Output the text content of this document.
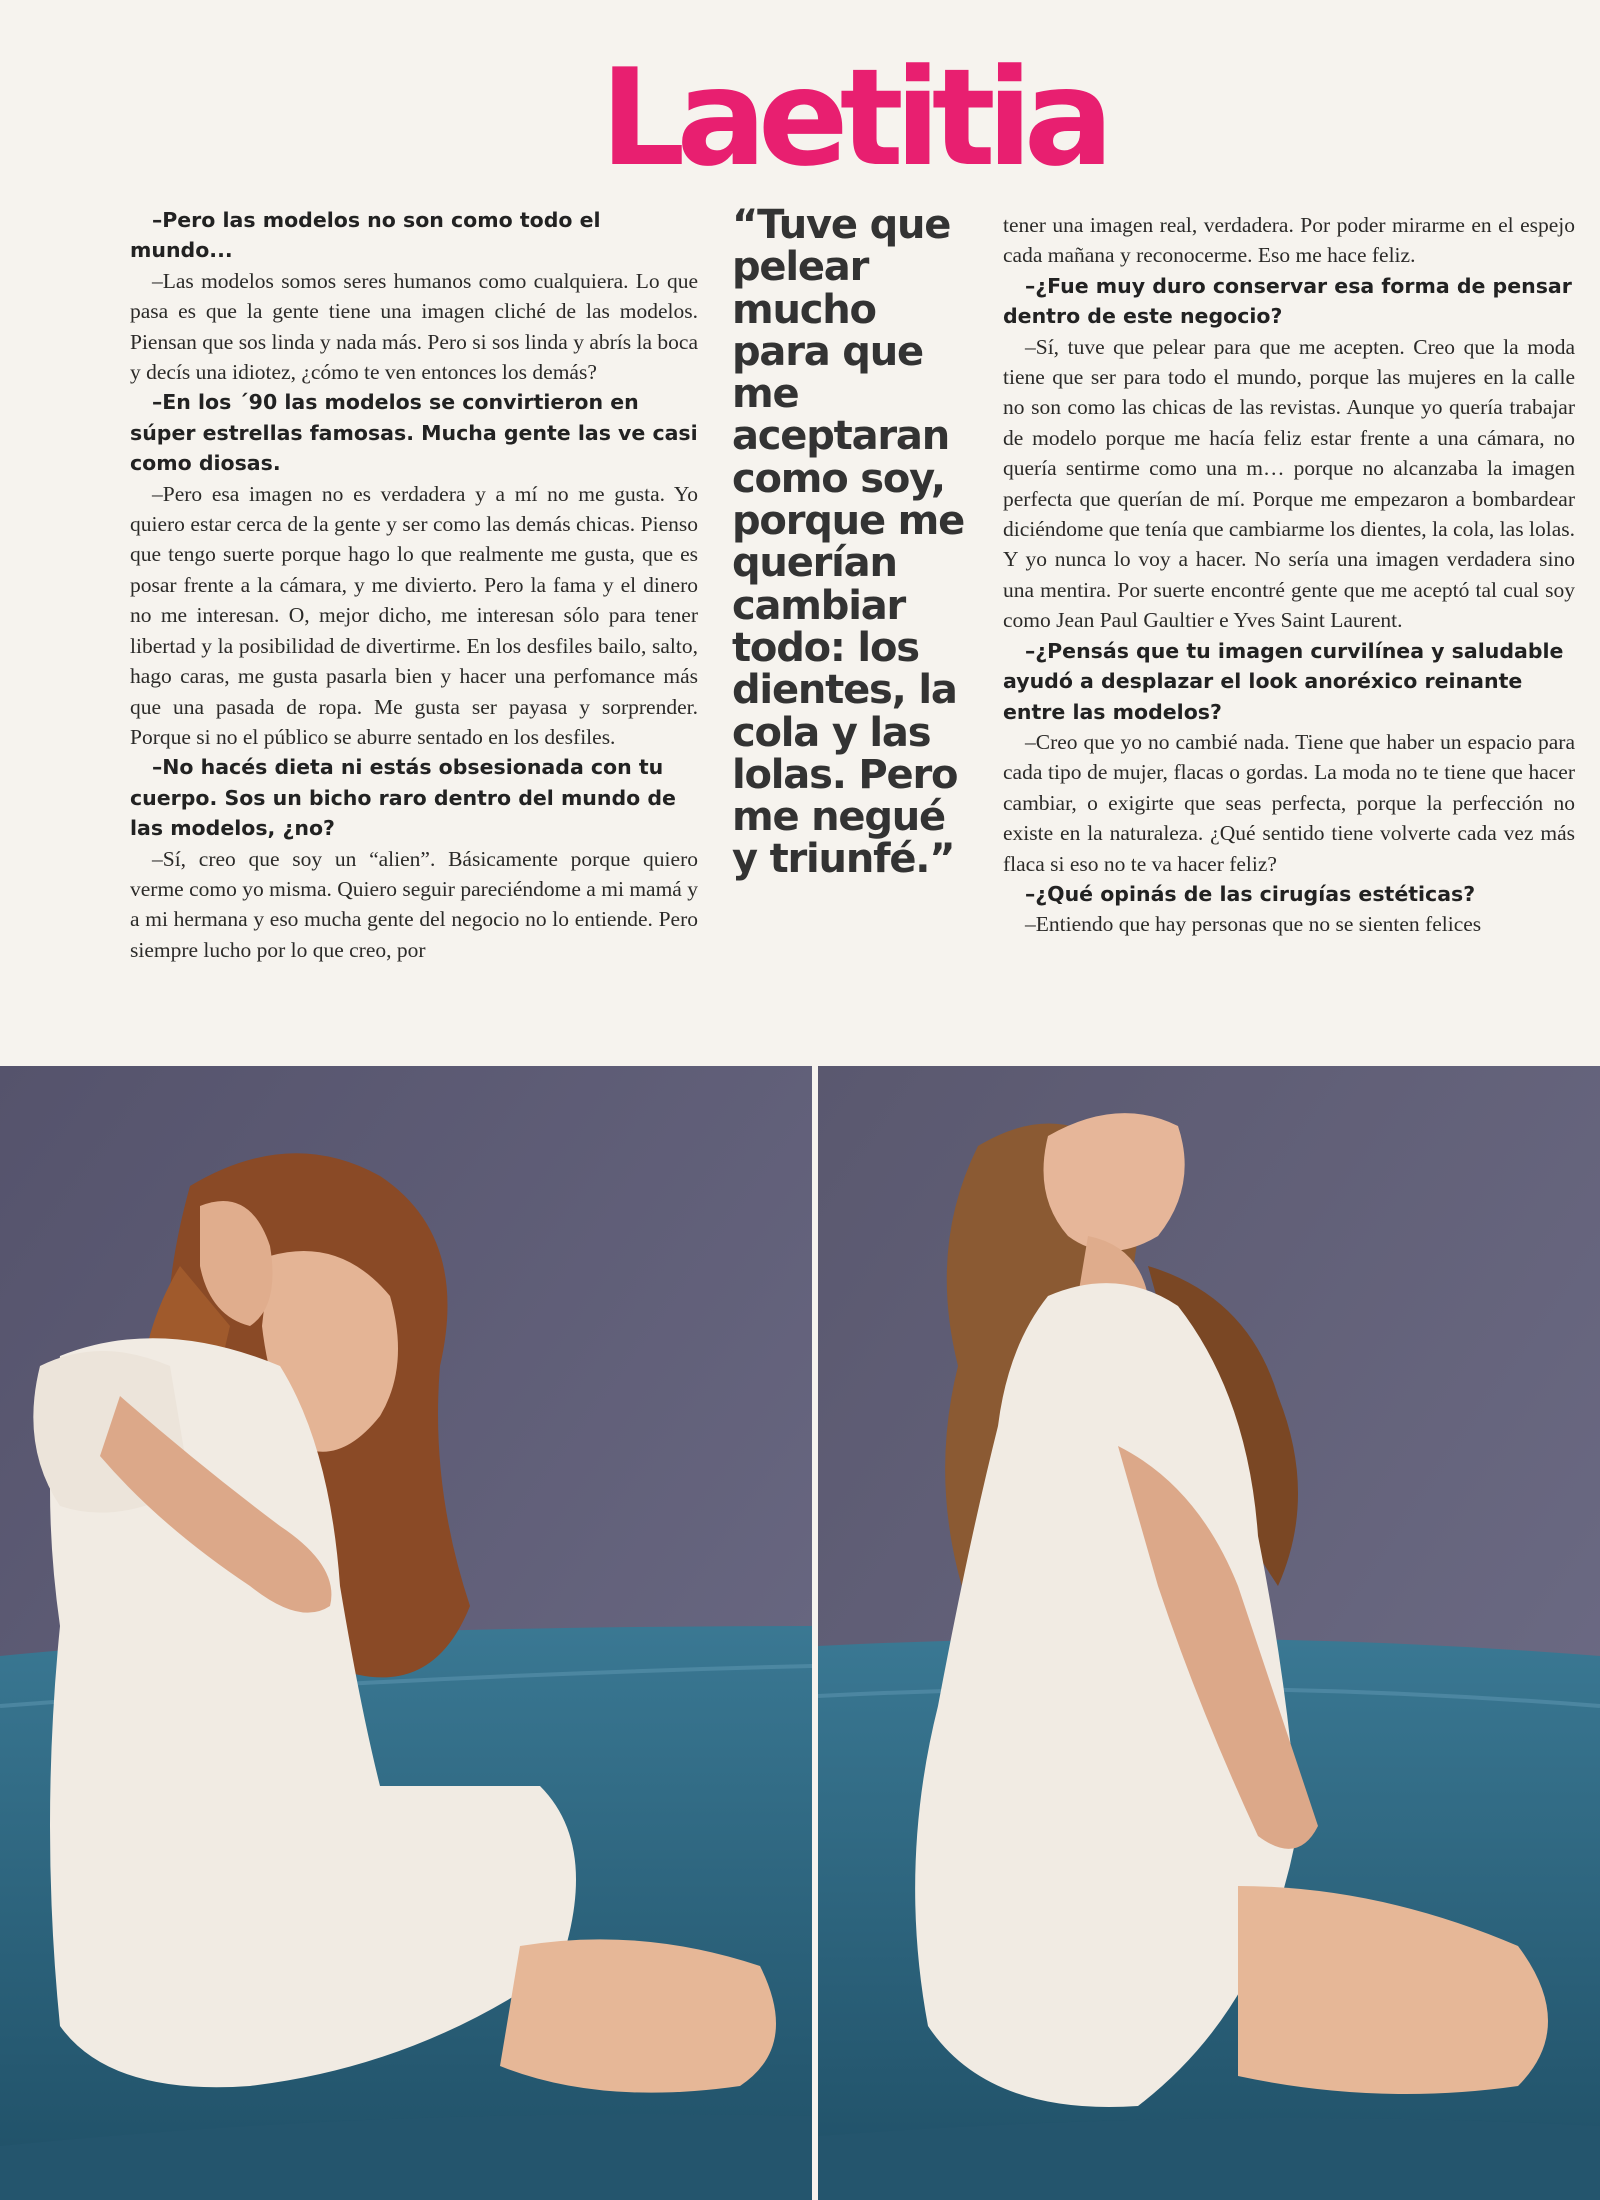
Laetitia

–Pero las modelos no son como todo el mundo...

–Las modelos somos seres humanos como cualquiera. Lo que pasa es que la gente tiene una imagen cliché de las modelos. Piensan que sos linda y nada más. Pero si sos linda y abrís la boca y decís una idiotez, ¿cómo te ven entonces los demás?

–En los ´90 las modelos se convirtieron en súper estrellas famosas. Mucha gente las ve casi como diosas.

–Pero esa imagen no es verdadera y a mí no me gusta. Yo quiero estar cerca de la gente y ser como las demás chicas. Pienso que tengo suerte porque hago lo que realmente me gusta, que es posar frente a la cámara, y me divierto. Pero la fama y el dinero no me interesan. O, mejor dicho, me interesan sólo para tener libertad y la posibilidad de divertirme. En los desfiles bailo, salto, hago caras, me gusta pasarla bien y hacer una perfomance más que una pasada de ropa. Me gusta ser payasa y sorprender. Porque si no el público se aburre sentado en los desfiles.

–No hacés dieta ni estás obsesionada con tu cuerpo. Sos un bicho raro dentro del mundo de las modelos, ¿no?

–Sí, creo que soy un “alien”. Básicamente porque quiero verme como yo misma. Quiero seguir pareciéndome a mi mamá y a mi hermana y eso mucha gente del negocio no lo entiende. Pero siempre lucho por lo que creo, por

“Tuve que pelear mucho para que me aceptaran como soy, porque me querían cambiar todo: los dientes, la cola y las lolas. Pero me negué y triunfé.”

tener una imagen real, verdadera. Por poder mirarme en el espejo cada mañana y reconocerme. Eso me hace feliz.

–¿Fue muy duro conservar esa forma de pensar dentro de este negocio?

–Sí, tuve que pelear para que me acepten. Creo que la moda tiene que ser para todo el mundo, porque las mujeres en la calle no son como las chicas de las revistas. Aunque yo quería trabajar de modelo porque me hacía feliz estar frente a una cámara, no quería sentirme como una m… porque no alcanzaba la imagen perfecta que querían de mí. Porque me empezaron a bombardear diciéndome que tenía que cambiarme los dientes, la cola, las lolas. Y yo nunca lo voy a hacer. No sería una imagen verdadera sino una mentira. Por suerte encontré gente que me aceptó tal cual soy como Jean Paul Gaultier e Yves Saint Laurent.

–¿Pensás que tu imagen curvilínea y saludable ayudó a desplazar el look anoréxico reinante entre las modelos?

–Creo que yo no cambié nada. Tiene que haber un espacio para cada tipo de mujer, flacas o gordas. La moda no te tiene que hacer cambiar, o exigirte que seas perfecta, porque la perfección no existe en la naturaleza. ¿Qué sentido tiene volverte cada vez más flaca si eso no te va hacer feliz?

–¿Qué opinás de las cirugías estéticas?

–Entiendo que hay personas que no se sienten felices
